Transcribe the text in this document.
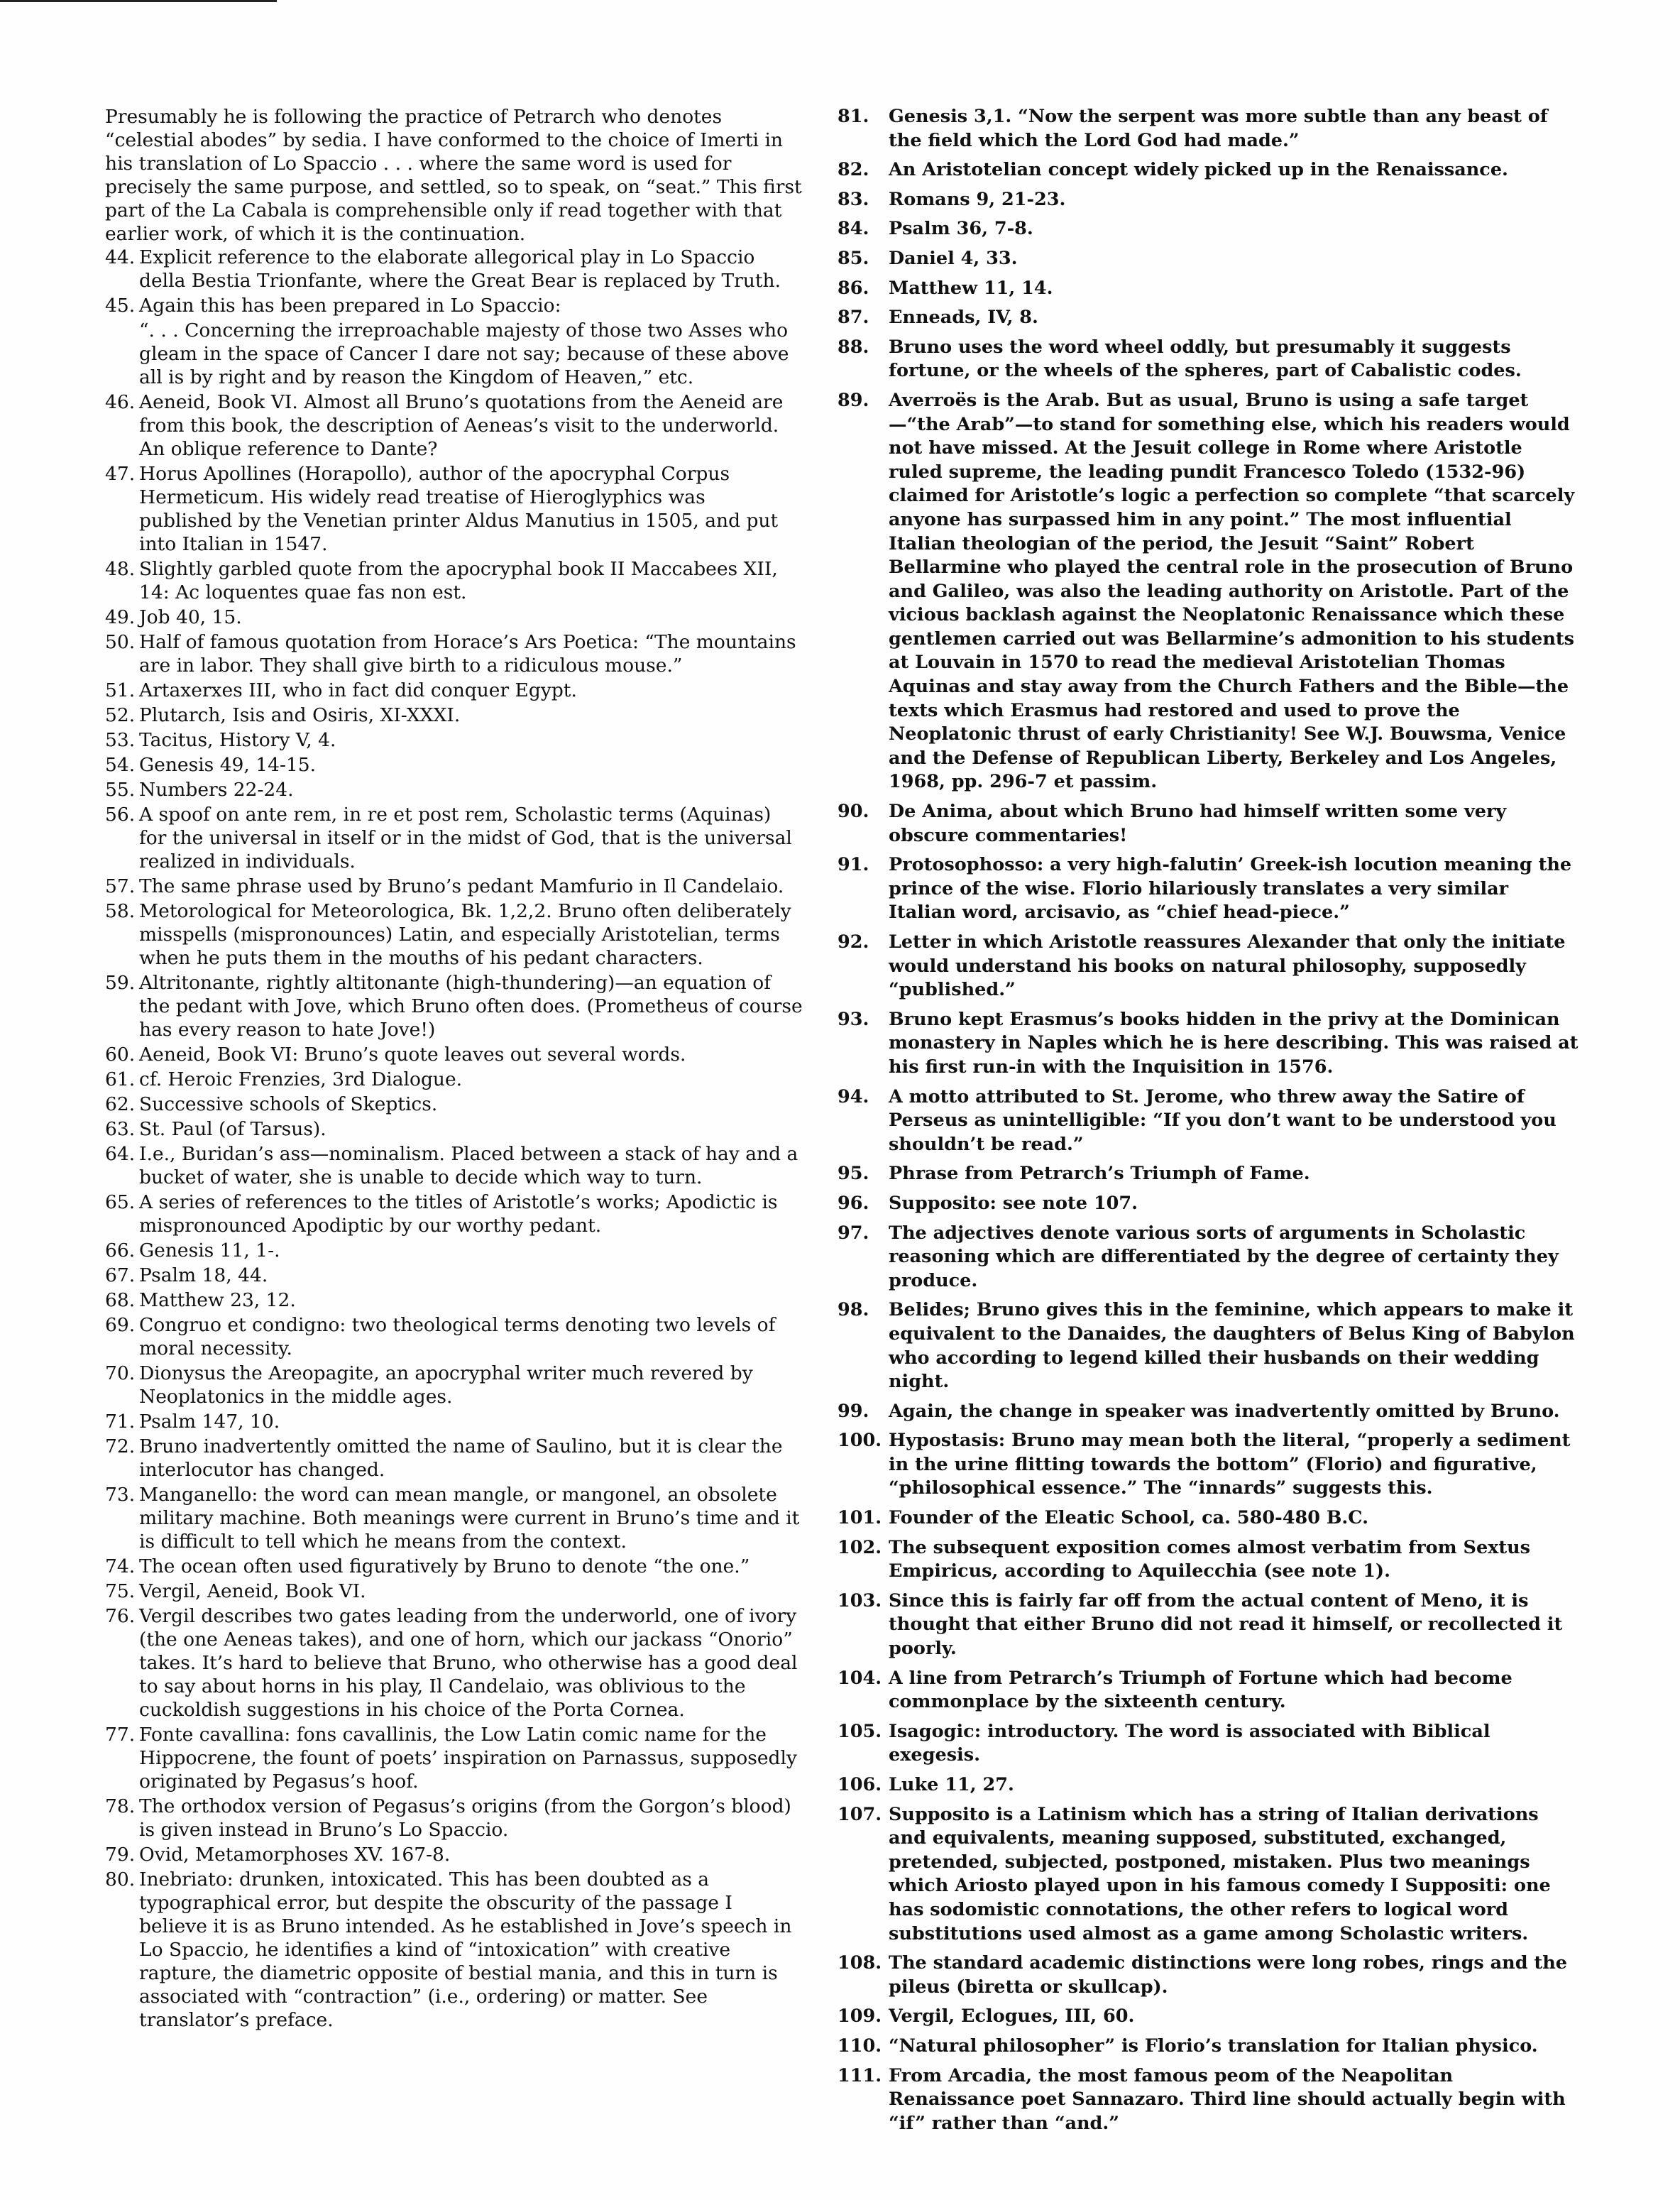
Presumably he is following the practice of Petrarch who denotes “celestial abodes” by sedia. I have conformed to the choice of Imerti in his translation of Lo Spaccio . . . where the same word is used for precisely the same purpose, and settled, so to speak, on “seat.” This first part of the La Cabala is comprehensible only if read together with that earlier work, of which it is the continuation.

44. Explicit reference to the elaborate allegorical play in Lo Spaccio della Bestia Trionfante, where the Great Bear is replaced by Truth.
45. Again this has been prepared in Lo Spaccio:
“. . . Concerning the irreproachable majesty of those two Asses who gleam in the space of Cancer I dare not say; because of these above all is by right and by reason the Kingdom of Heaven,” etc.
46. Aeneid, Book VI. Almost all Bruno’s quotations from the Aeneid are from this book, the description of Aeneas’s visit to the underworld. An oblique reference to Dante?
47. Horus Apollines (Horapollo), author of the apocryphal Corpus Hermeticum. His widely read treatise of Hieroglyphics was published by the Venetian printer Aldus Manutius in 1505, and put into Italian in 1547.
48. Slightly garbled quote from the apocryphal book II Maccabees XII, 14: Ac loquentes quae fas non est.
49. Job 40, 15.
50. Half of famous quotation from Horace’s Ars Poetica: “The mountains are in labor. They shall give birth to a ridiculous mouse.”
51. Artaxerxes III, who in fact did conquer Egypt.
52. Plutarch, Isis and Osiris, XI-XXXI.
53. Tacitus, History V, 4.
54. Genesis 49, 14-15.
55. Numbers 22-24.
56. A spoof on ante rem, in re et post rem, Scholastic terms (Aquinas) for the universal in itself or in the midst of God, that is the universal realized in individuals.
57. The same phrase used by Bruno’s pedant Mamfurio in Il Candelaio.
58. Metorological for Meteorologica, Bk. 1,2,2. Bruno often deliberately misspells (mispronounces) Latin, and especially Aristotelian, terms when he puts them in the mouths of his pedant characters.
59. Altritonante, rightly altitonante (high-thundering)—an equation of the pedant with Jove, which Bruno often does. (Prometheus of course has every reason to hate Jove!)
60. Aeneid, Book VI: Bruno’s quote leaves out several words.
61. cf. Heroic Frenzies, 3rd Dialogue.
62. Successive schools of Skeptics.
63. St. Paul (of Tarsus).
64. I.e., Buridan’s ass—nominalism. Placed between a stack of hay and a bucket of water, she is unable to decide which way to turn.
65. A series of references to the titles of Aristotle’s works; Apodictic is mispronounced Apodiptic by our worthy pedant.
66. Genesis 11, 1-.
67. Psalm 18, 44.
68. Matthew 23, 12.
69. Congruo et condigno: two theological terms denoting two levels of moral necessity.
70. Dionysus the Areopagite, an apocryphal writer much revered by Neoplatonics in the middle ages.
71. Psalm 147, 10.
72. Bruno inadvertently omitted the name of Saulino, but it is clear the interlocutor has changed.
73. Manganello: the word can mean mangle, or mangonel, an obsolete military machine. Both meanings were current in Bruno’s time and it is difficult to tell which he means from the context.
74. The ocean often used figuratively by Bruno to denote “the one.”
75. Vergil, Aeneid, Book VI.
76. Vergil describes two gates leading from the underworld, one of ivory (the one Aeneas takes), and one of horn, which our jackass “Onorio” takes. It’s hard to believe that Bruno, who otherwise has a good deal to say about horns in his play, Il Candelaio, was oblivious to the cuckoldish suggestions in his choice of the Porta Cornea.
77. Fonte cavallina: fons cavallinis, the Low Latin comic name for the Hippocrene, the fount of poets’ inspiration on Parnassus, supposedly originated by Pegasus’s hoof.
78. The orthodox version of Pegasus’s origins (from the Gorgon’s blood) is given instead in Bruno’s Lo Spaccio.
79. Ovid, Metamorphoses XV. 167-8.
80. Inebriato: drunken, intoxicated. This has been doubted as a typographical error, but despite the obscurity of the passage I believe it is as Bruno intended. As he established in Jove’s speech in Lo Spaccio, he identifies a kind of “intoxication” with creative rapture, the diametric opposite of bestial mania, and this in turn is associated with “contraction” (i.e., ordering) or matter. See translator’s preface.
81. Genesis 3,1. “Now the serpent was more subtle than any beast of the field which the Lord God had made.”
82. An Aristotelian concept widely picked up in the Renaissance.
83. Romans 9, 21-23.
84. Psalm 36, 7-8.
85. Daniel 4, 33.
86. Matthew 11, 14.
87. Enneads, IV, 8.
88. Bruno uses the word wheel oddly, but presumably it suggests fortune, or the wheels of the spheres, part of Cabalistic codes.
89. Averroës is the Arab. But as usual, Bruno is using a safe target—“the Arab”—to stand for something else, which his readers would not have missed. At the Jesuit college in Rome where Aristotle ruled supreme, the leading pundit Francesco Toledo (1532-96) claimed for Aristotle’s logic a perfection so complete “that scarcely anyone has surpassed him in any point.” The most influential Italian theologian of the period, the Jesuit “Saint” Robert Bellarmine who played the central role in the prosecution of Bruno and Galileo, was also the leading authority on Aristotle. Part of the vicious backlash against the Neoplatonic Renaissance which these gentlemen carried out was Bellarmine’s admonition to his students at Louvain in 1570 to read the medieval Aristotelian Thomas Aquinas and stay away from the Church Fathers and the Bible—the texts which Erasmus had restored and used to prove the Neoplatonic thrust of early Christianity! See W.J. Bouwsma, Venice and the Defense of Republican Liberty, Berkeley and Los Angeles, 1968, pp. 296-7 et passim.
90. De Anima, about which Bruno had himself written some very obscure commentaries!
91. Protosophosso: a very high-falutin’ Greek-ish locution meaning the prince of the wise. Florio hilariously translates a very similar Italian word, arcisavio, as “chief head-piece.”
92. Letter in which Aristotle reassures Alexander that only the initiate would understand his books on natural philosophy, supposedly “published.”
93. Bruno kept Erasmus’s books hidden in the privy at the Dominican monastery in Naples which he is here describing. This was raised at his first run-in with the Inquisition in 1576.
94. A motto attributed to St. Jerome, who threw away the Satire of Perseus as unintelligible: “If you don’t want to be understood you shouldn’t be read.”
95. Phrase from Petrarch’s Triumph of Fame.
96. Supposito: see note 107.
97. The adjectives denote various sorts of arguments in Scholastic reasoning which are differentiated by the degree of certainty they produce.
98. Belides; Bruno gives this in the feminine, which appears to make it equivalent to the Danaides, the daughters of Belus King of Babylon who according to legend killed their husbands on their wedding night.
99. Again, the change in speaker was inadvertently omitted by Bruno.
100. Hypostasis: Bruno may mean both the literal, “properly a sediment in the urine flitting towards the bottom” (Florio) and figurative, “philosophical essence.” The “innards” suggests this.
101. Founder of the Eleatic School, ca. 580-480 B.C.
102. The subsequent exposition comes almost verbatim from Sextus Empiricus, according to Aquilecchia (see note 1).
103. Since this is fairly far off from the actual content of Meno, it is thought that either Bruno did not read it himself, or recollected it poorly.
104. A line from Petrarch’s Triumph of Fortune which had become commonplace by the sixteenth century.
105. Isagogic: introductory. The word is associated with Biblical exegesis.
106. Luke 11, 27.
107. Supposito is a Latinism which has a string of Italian derivations and equivalents, meaning supposed, substituted, exchanged, pretended, subjected, postponed, mistaken. Plus two meanings which Ariosto played upon in his famous comedy I Suppositi: one has sodomistic connotations, the other refers to logical word substitutions used almost as a game among Scholastic writers.
108. The standard academic distinctions were long robes, rings and the pileus (biretta or skullcap).
109. Vergil, Eclogues, III, 60.
110. “Natural philosopher” is Florio’s translation for Italian physico.
111. From Arcadia, the most famous peom of the Neapolitan Renaissance poet Sannazaro. Third line should actually begin with “if” rather than “and.”
